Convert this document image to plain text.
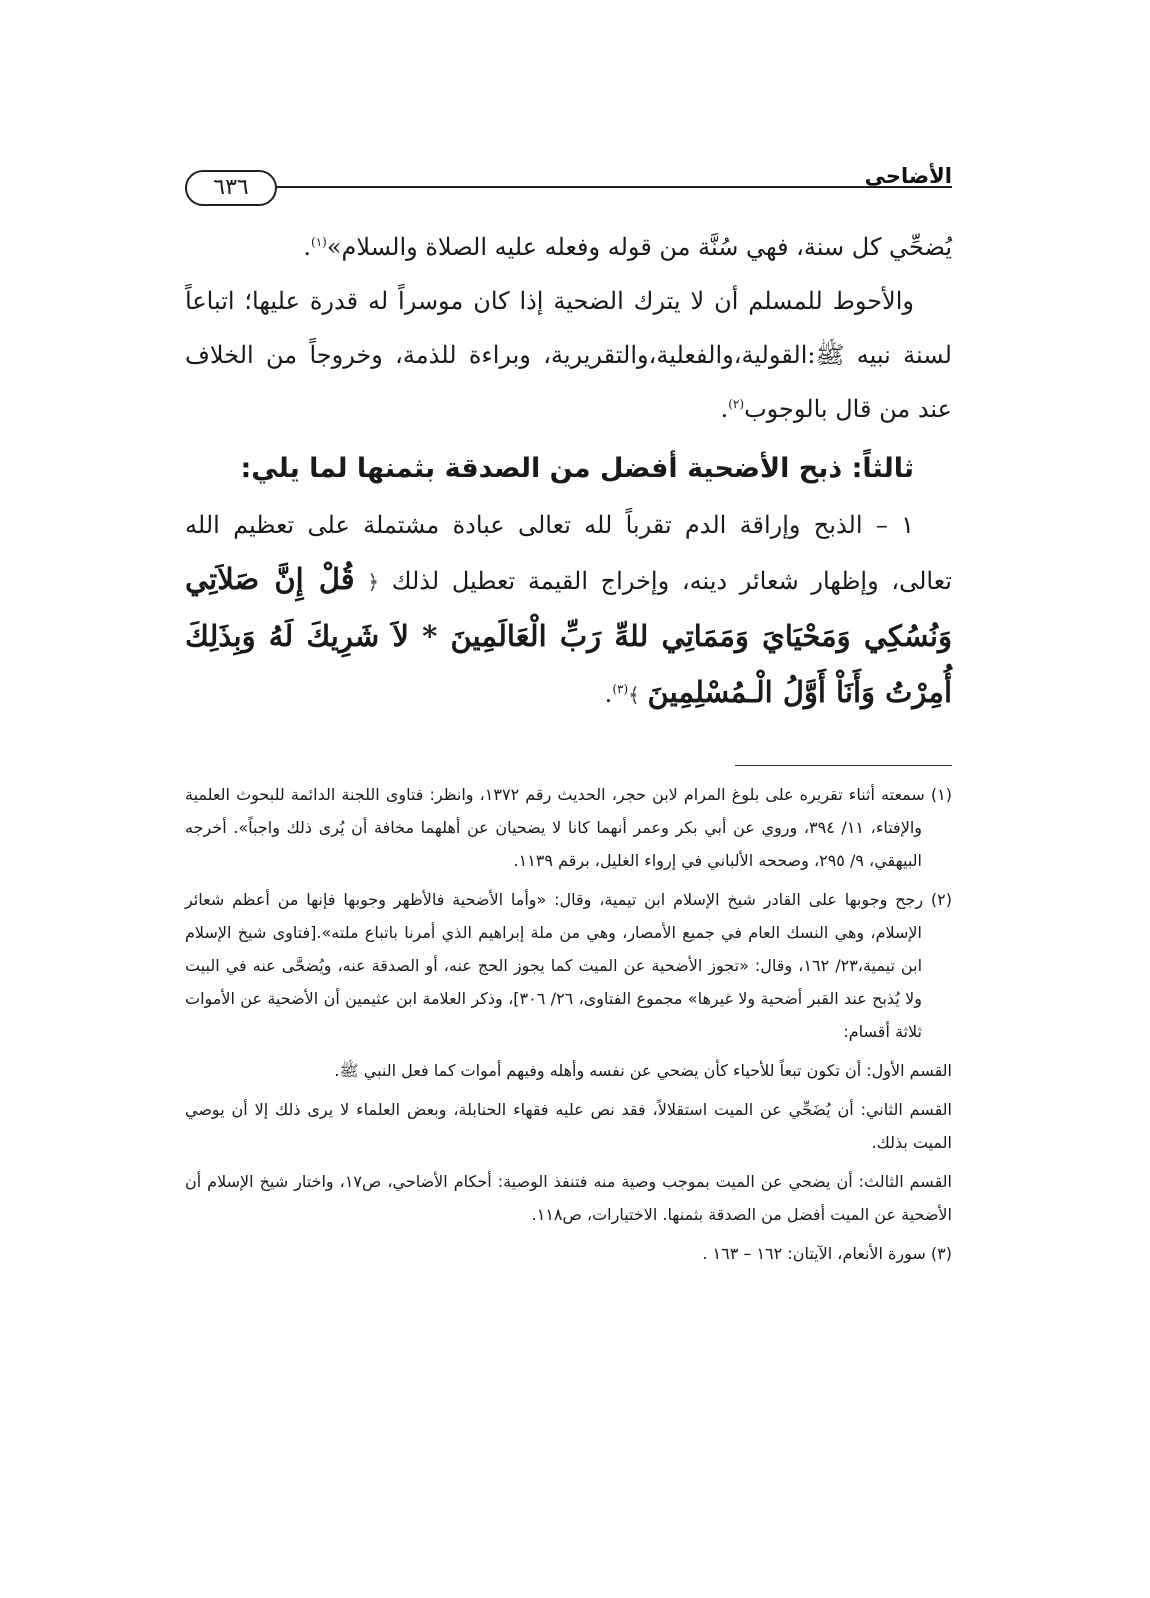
الأضاحي
٦٣٦

يُضحِّي كل سنة، فهي سُنَّة من قوله وفعله عليه الصلاة والسلام»$^{(١)}$.

والأحوط للمسلم أن لا يترك الضحية إذا كان موسراً له قدرة عليها؛ اتباعاً لسنة نبيه ﷺ:القولية،والفعلية،والتقريرية، وبراءة للذمة، وخروجاً من الخلاف عند من قال بالوجوب$^{(٢)}$.

ثالثاً: ذبح الأضحية أفضل من الصدقة بثمنها لما يلي:

١ – الذبح وإراقة الدم تقرباً لله تعالى عبادة مشتملة على تعظيم الله تعالى، وإظهار شعائر دينه، وإخراج القيمة تعطيل لذلك ﴿ قُلْ إِنَّ صَلاَتِي وَنُسُكِي وَمَحْيَايَ وَمَمَاتِي للهِّ رَبِّ الْعَالَمِينَ * لاَ شَرِيكَ لَهُ وَبِذَلِكَ أُمِرْتُ وَأَنَاْ أَوَّلُ الْـمُسْلِمِينَ ﴾$^{(٣)}$.

(١) سمعته أثناء تقريره على بلوغ المرام لابن حجر، الحديث رقم ١٣٧٢، وانظر: فتاوى اللجنة الدائمة للبحوث العلمية والإفتاء، ١١/ ٣٩٤، وروي عن أبي بكر وعمر أنهما كانا لا يضحيان عن أهلهما مخافة أن يُرى ذلك واجباً». أخرجه البيهقي، ٩/ ٢٩٥، وصححه الألباني في إرواء الغليل، برقم ١١٣٩.

(٢) رجح وجوبها على القادر شيخ الإسلام ابن تيمية، وقال: «وأما الأضحية فالأظهر وجوبها فإنها من أعظم شعائر الإسلام، وهي النسك العام في جميع الأمصار، وهي من ملة إبراهيم الذي أمرنا باتباع ملته».[فتاوى شيخ الإسلام ابن تيمية،٢٣/ ١٦٢، وقال: «تجوز الأضحية عن الميت كما يجوز الحج عنه، أو الصدقة عنه، ويُضحَّى عنه في البيت ولا يُذبح عند القبر أضحية ولا غيرها» مجموع الفتاوى، ٢٦/ ٣٠٦]، وذكر العلامة ابن عثيمين أن الأضحية عن الأموات ثلاثة أقسام:

القسم الأول: أن تكون تبعاً للأحياء كأن يضحي عن نفسه وأهله وفيهم أموات كما فعل النبي ﷺ.

القسم الثاني: أن يُضَحِّي عن الميت استقلالاً، فقد نص عليه فقهاء الحنابلة، وبعض العلماء لا يرى ذلك إلا أن يوصي الميت بذلك.

القسم الثالث: أن يضحي عن الميت بموجب وصية منه فتنفذ الوصية: أحكام الأضاحي، ص١٧، واختار شيخ الإسلام أن الأضحية عن الميت أفضل من الصدقة بثمنها. الاختيارات، ص١١٨.

(٣) سورة الأنعام، الآيتان: ١٦٢ – ١٦٣ .
